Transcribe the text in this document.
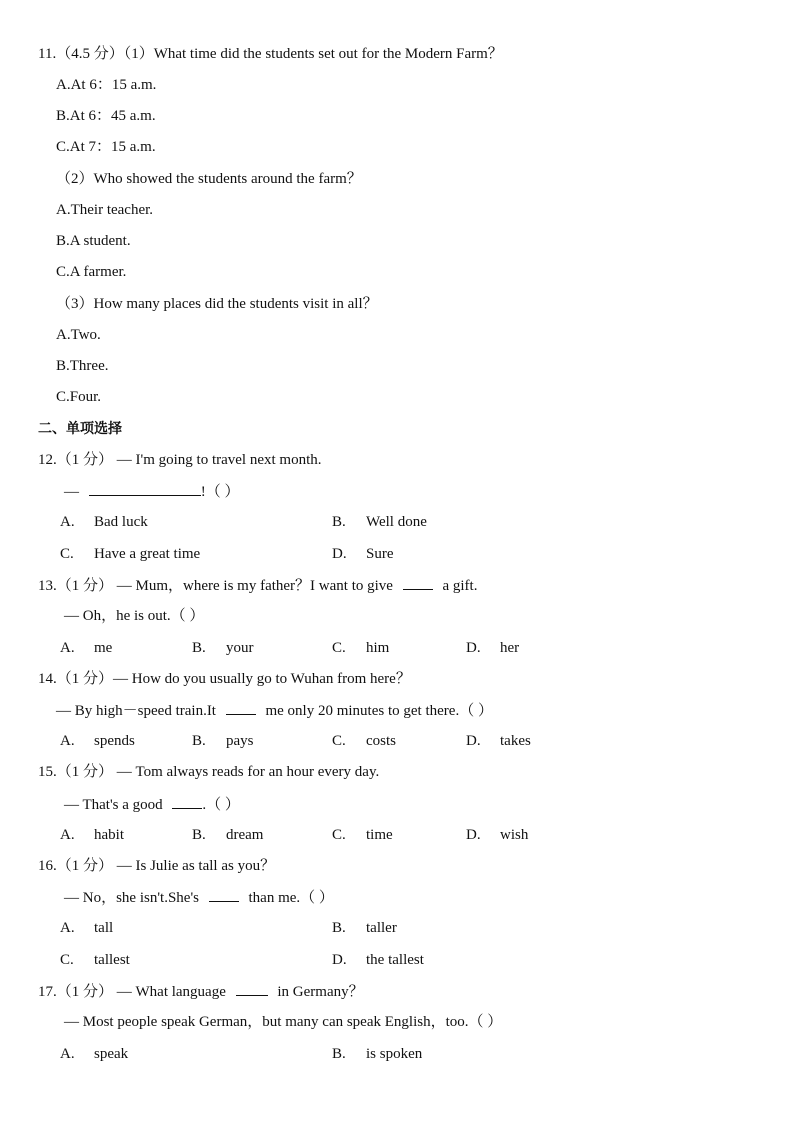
11.（4.5 分）（1）What time did the students set out for the Modern Farm？
A.At 6：15 a.m.
B.At 6：45 a.m.
C.At 7：15 a.m.
（2）Who showed the students around the farm？
A.Their teacher.
B.A student.
C.A farmer.
（3）How many places did the students visit in all？
A.Two.
B.Three.
C.Four.
二、单项选择
12.（1 分） — I'm going to travel next month.
—	!（ ）
A. Bad luck	B. Well done
C. Have a great time	D. Sure
13.（1 分） — Mum，where is my father？I want to give	a gift.
— Oh，he is out.（ ）
A. me	B. your	C. him	D. her
14.（1 分）— How do you usually go to Wuhan from here？
— By high－speed train.It	me only 20 minutes to get there.（ ）
A. spends	B. pays	C. costs	D. takes
15.（1 分） — Tom always reads for an hour every day.
— That's a good	.（ ）
A. habit	B. dream	C. time	D. wish
16.（1 分） — Is Julie as tall as you？
— No，she isn't.She's	than me.（ ）
A. tall	B. taller
C. tallest	D. the tallest
17.（1 分） — What language	in Germany？
— Most people speak German，but many can speak English，too.（ ）
A. speak	B. is spoken
